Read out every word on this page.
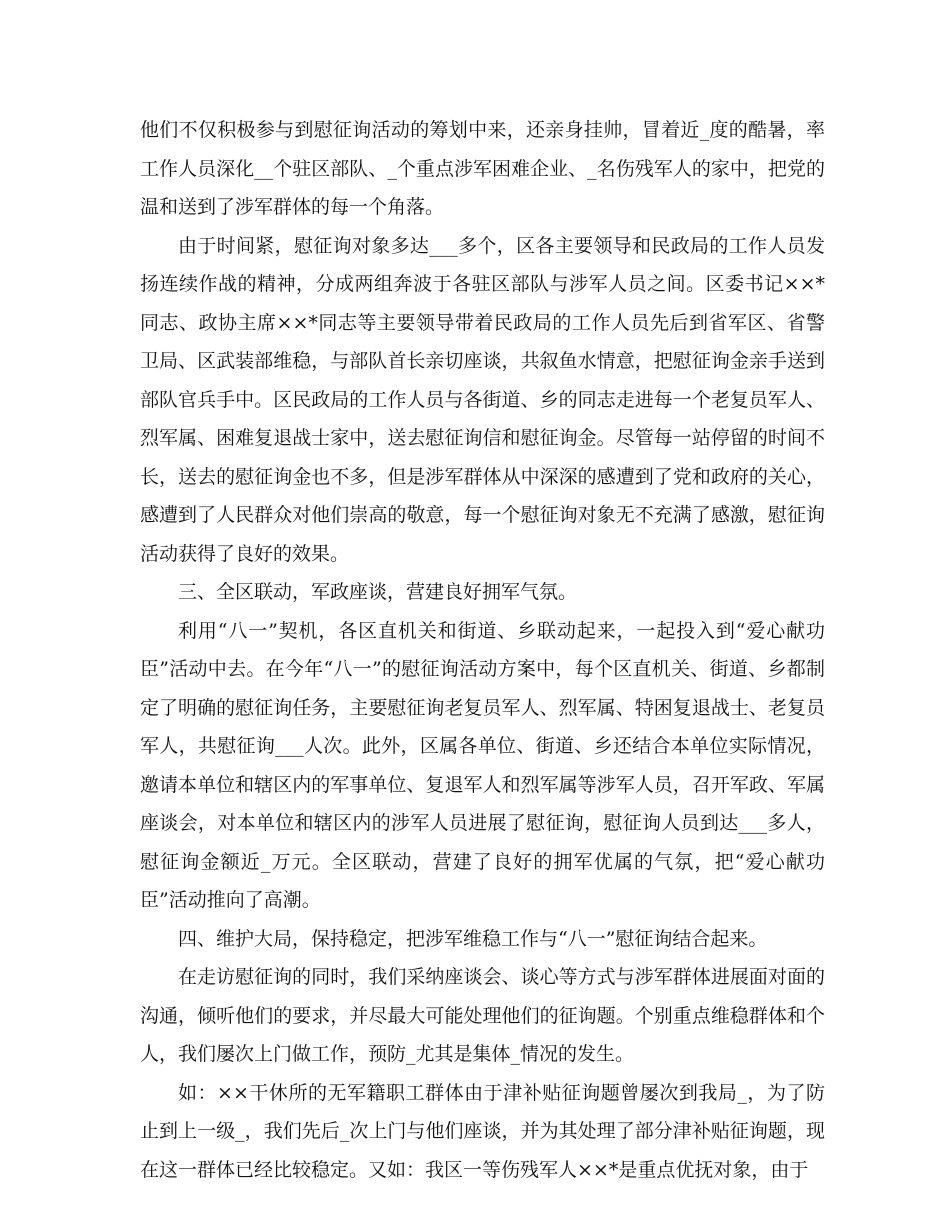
他们不仅积极参与到慰征询活动的筹划中来，还亲身挂帅，冒着近_度的酷暑，率工作人员深化__个驻区部队、_个重点涉军困难企业、_名伤残军人的家中，把党的温和送到了涉军群体的每一个角落。

由于时间紧，慰征询对象多达___多个，区各主要领导和民政局的工作人员发扬连续作战的精神，分成两组奔波于各驻区部队与涉军人员之间。区委书记××*同志、政协主席××*同志等主要领导带着民政局的工作人员先后到省军区、省警卫局、区武装部维稳，与部队首长亲切座谈，共叙鱼水情意，把慰征询金亲手送到部队官兵手中。区民政局的工作人员与各街道、乡的同志走进每一个老复员军人、烈军属、困难复退战士家中，送去慰征询信和慰征询金。尽管每一站停留的时间不长，送去的慰征询金也不多，但是涉军群体从中深深的感遭到了党和政府的关心，感遭到了人民群众对他们崇高的敬意，每一个慰征询对象无不充满了感激，慰征询活动获得了良好的效果。

三、全区联动，军政座谈，营建良好拥军气氛。

利用“八一”契机，各区直机关和街道、乡联动起来，一起投入到“爱心献功臣”活动中去。在今年“八一”的慰征询活动方案中，每个区直机关、街道、乡都制定了明确的慰征询任务，主要慰征询老复员军人、烈军属、特困复退战士、老复员军人，共慰征询___人次。此外，区属各单位、街道、乡还结合本单位实际情况，邀请本单位和辖区内的军事单位、复退军人和烈军属等涉军人员，召开军政、军属座谈会，对本单位和辖区内的涉军人员进展了慰征询，慰征询人员到达___多人，慰征询金额近_万元。全区联动，营建了良好的拥军优属的气氛，把“爱心献功臣”活动推向了高潮。

四、维护大局，保持稳定，把涉军维稳工作与“八一”慰征询结合起来。

在走访慰征询的同时，我们采纳座谈会、谈心等方式与涉军群体进展面对面的沟通，倾听他们的要求，并尽最大可能处理他们的征询题。个别重点维稳群体和个人，我们屡次上门做工作，预防_尤其是集体_情况的发生。

如：××干休所的无军籍职工群体由于津补贴征询题曾屡次到我局_，为了防止到上一级_，我们先后_次上门与他们座谈，并为其处理了部分津补贴征询题，现在这一群体已经比较稳定。又如：我区一等伤残军人××*是重点优抚对象，由于
